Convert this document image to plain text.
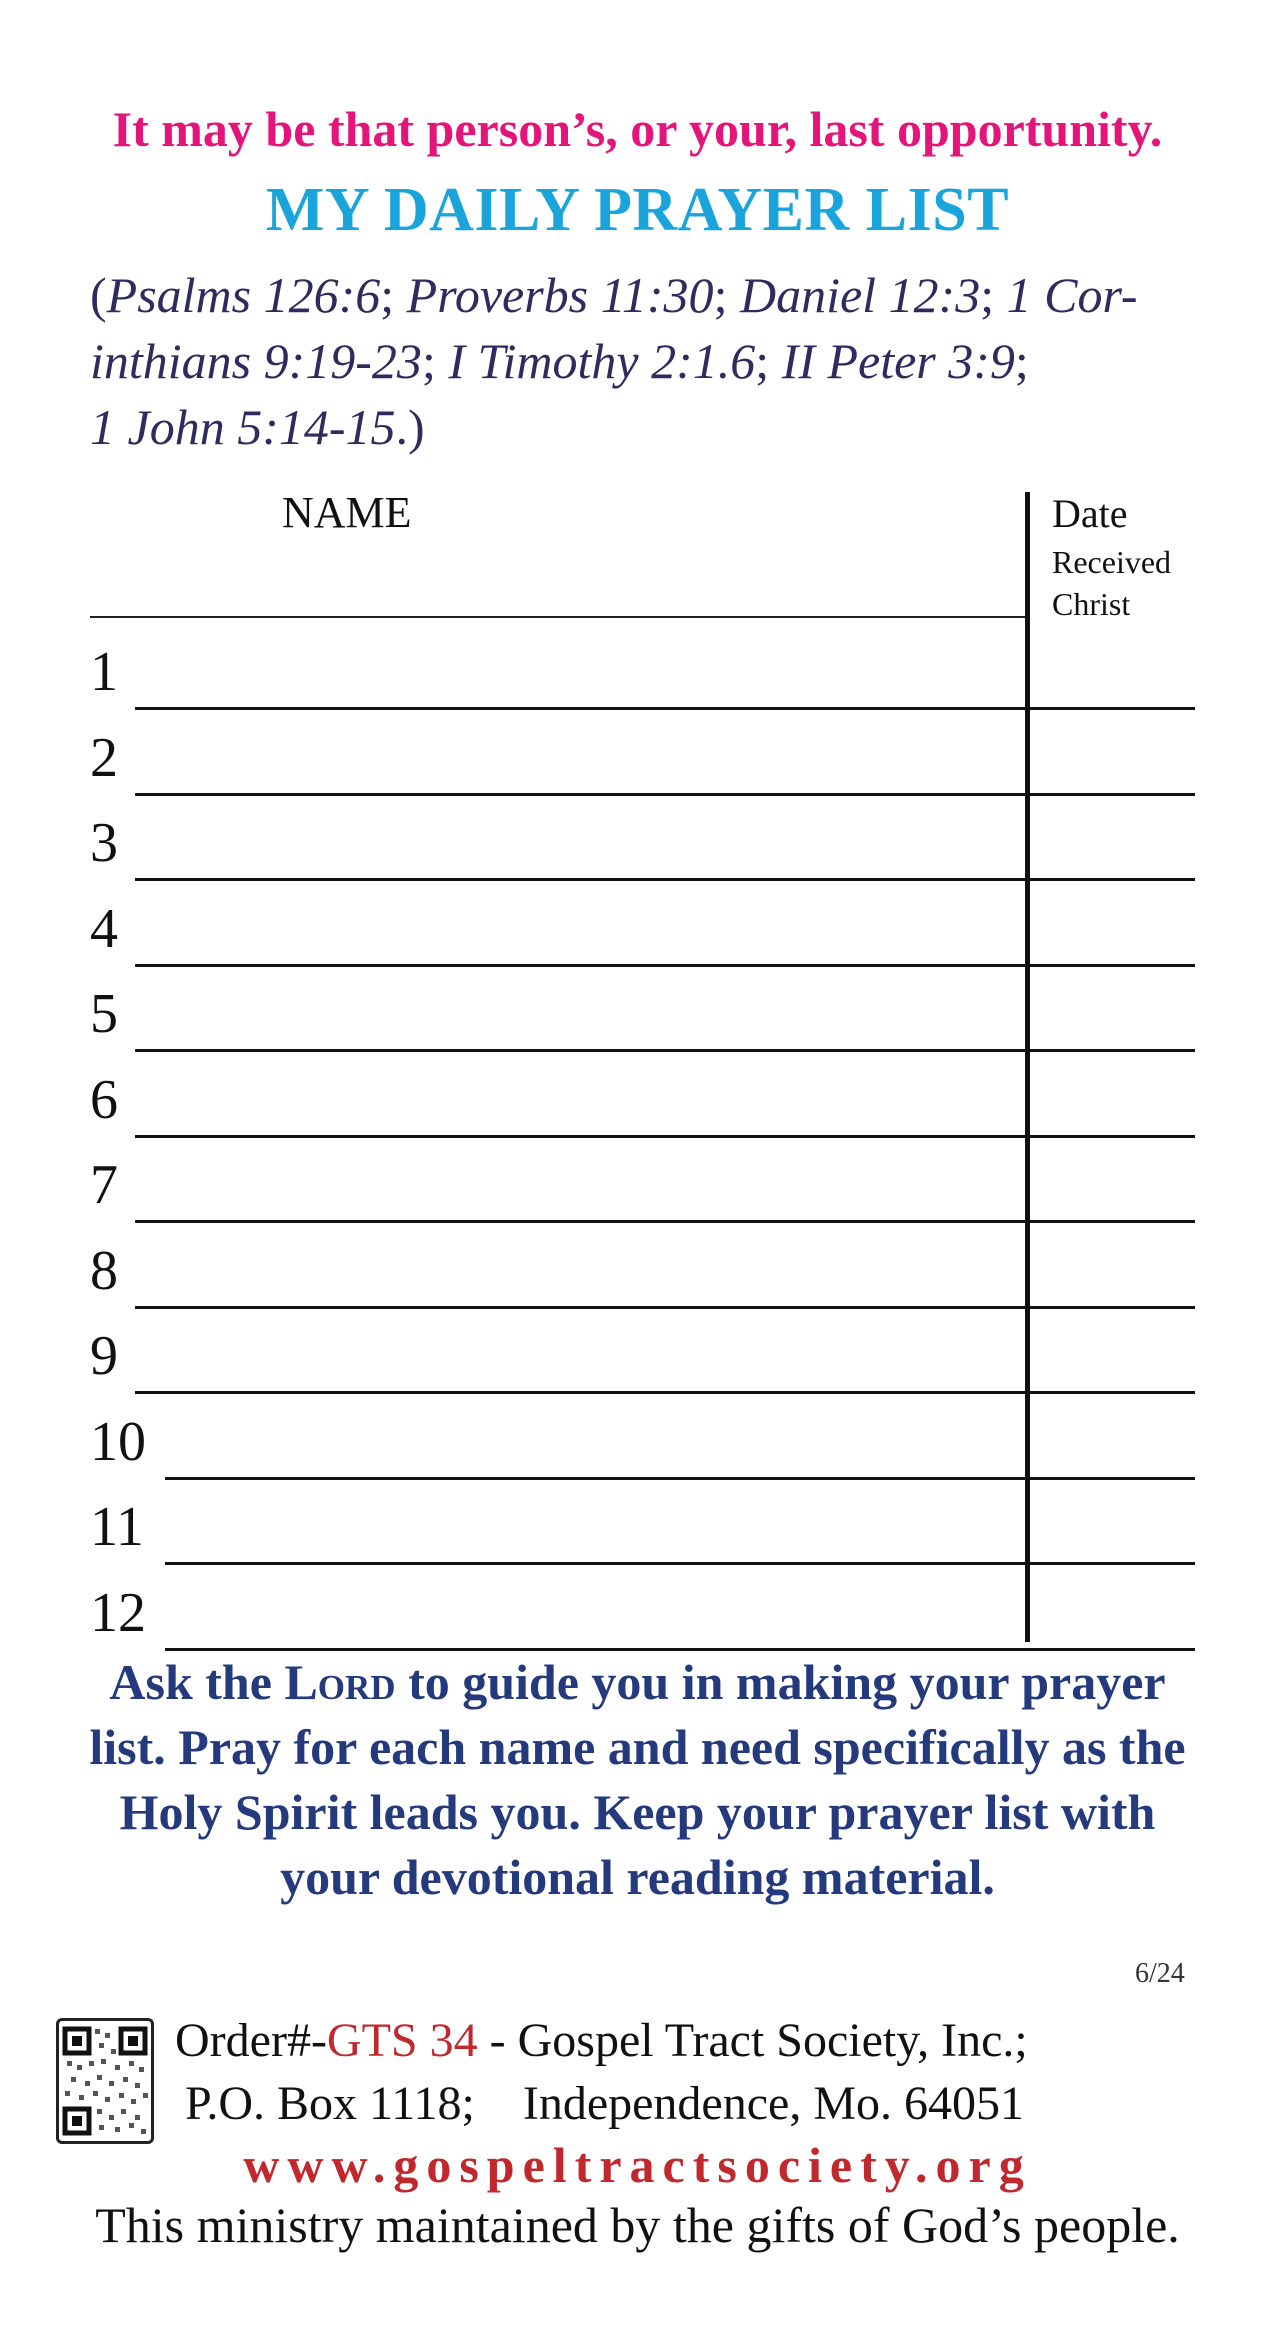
It may be that person’s, or your, last opportunity.
MY DAILY PRAYER LIST
(Psalms 126:6; Proverbs 11:30; Daniel 12:3; 1 Cor-
inthians 9:19-23; I Timothy 2:1.6; II Peter 3:9;
1 John 5:14-15.)
NAME	Date
Received
Christ
1
2
3
4
5
6
7
8
9
10
11
12
Ask the Lord to guide you in making your prayer list. Pray for each name and need specifically as the Holy Spirit leads you. Keep your prayer list with your devotional reading material.
6/24
Order#-GTS 34 - Gospel Tract Society, Inc.;
P.O. Box 1118;    Independence, Mo. 64051
www.gospeltractsociety.org
This ministry maintained by the gifts of God’s people.
